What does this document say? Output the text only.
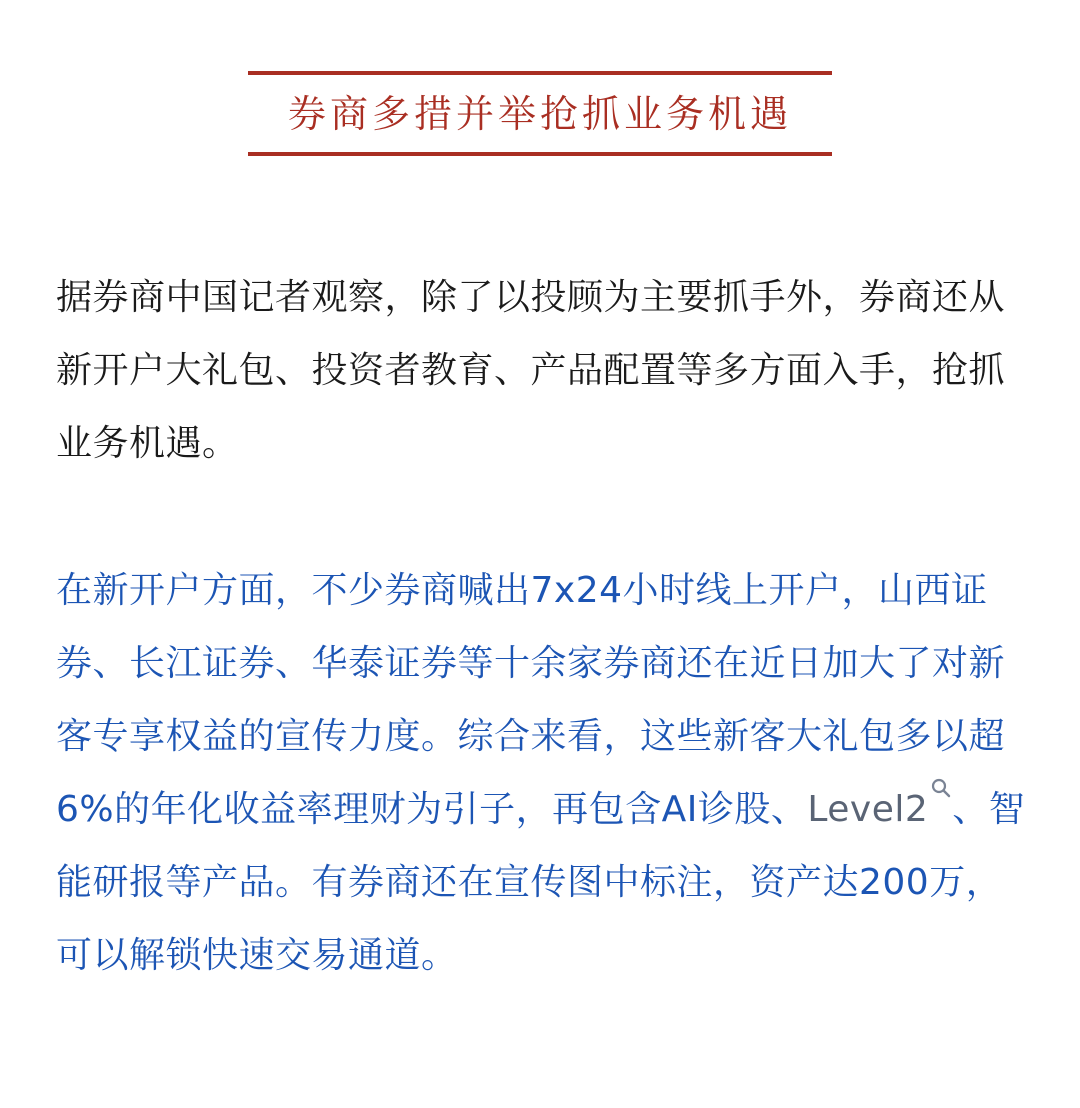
券商多措并举抢抓业务机遇

据券商中国记者观察，除了以投顾为主要抓手外，券商还从新开户大礼包、投资者教育、产品配置等多方面入手，抢抓业务机遇。

在新开户方面，不少券商喊出7x24小时线上开户，山西证券、长江证券、华泰证券等十余家券商还在近日加大了对新客专享权益的宣传力度。综合来看，这些新客大礼包多以超6%的年化收益率理财为引子，再包含AI诊股、Level2 、智能研报等产品。有券商还在宣传图中标注，资产达200万，可以解锁快速交易通道。
